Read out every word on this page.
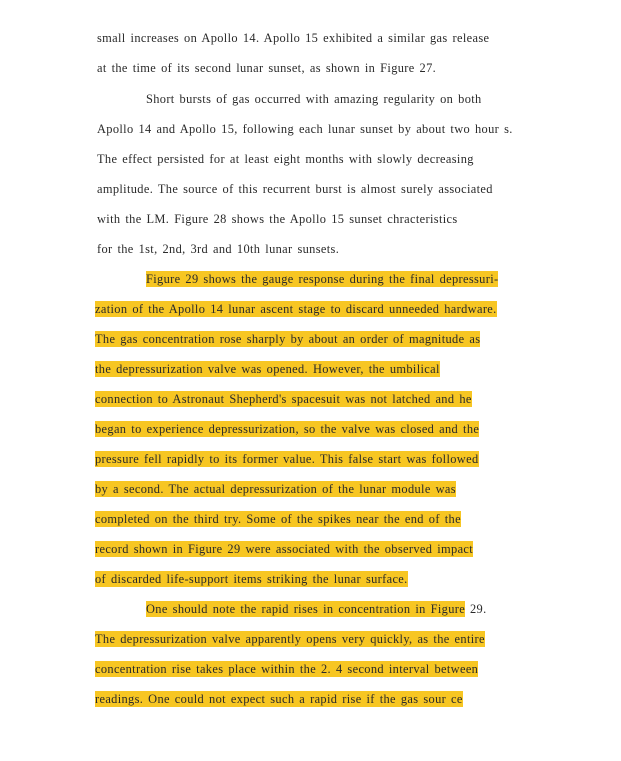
small increases on Apollo 14. Apollo 15 exhibited a similar gas release
at the time of its second lunar sunset, as shown in Figure 27.
Short bursts of gas occurred with amazing regularity on both
Apollo 14 and Apollo 15, following each lunar sunset by about two hour s.
The effect persisted for at least eight months with slowly decreasing
amplitude. The source of this recurrent burst is almost surely associated
with the LM. Figure 28 shows the Apollo 15 sunset chracteristics
for the 1st, 2nd, 3rd and 10th lunar sunsets.
Figure 29 shows the gauge response during the final depressuri-
zation of the Apollo 14 lunar ascent stage to discard unneeded hardware.
The gas concentration rose sharply by about an order of magnitude as
the depressurization valve was opened. However, the umbilical
connection to Astronaut Shepherd's spacesuit was not latched and he
began to experience depressurization, so the valve was closed and the
pressure fell rapidly to its former value. This false start was followed
by a second. The actual depressurization of the lunar module was
completed on the third try. Some of the spikes near the end of the
record shown in Figure 29 were associated with the observed impact
of discarded life-support items striking the lunar surface.
One should note the rapid rises in concentration in Figure 29.
The depressurization valve apparently opens very quickly, as the entire
concentration rise takes place within the 2. 4 second interval between
readings. One could not expect such a rapid rise if the gas sour ce
